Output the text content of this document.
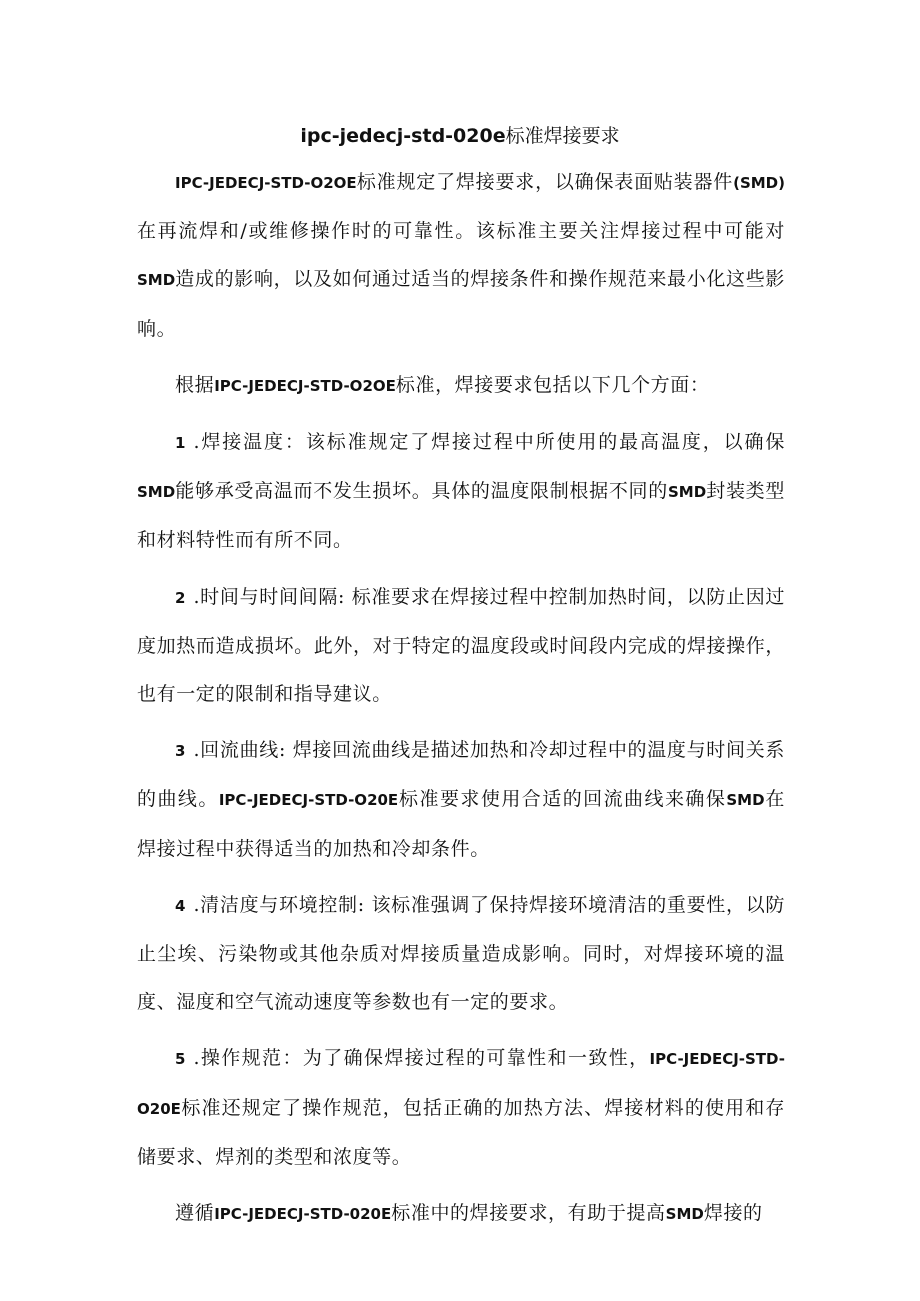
ipc-jedecj-std-020e标准焊接要求

IPC-JEDECJ-STD-O2OE标准规定了焊接要求，以确保表面贴装器件(SMD)在再流焊和/或维修操作时的可靠性。该标准主要关注焊接过程中可能对SMD造成的影响，以及如何通过适当的焊接条件和操作规范来最小化这些影响。

根据IPC-JEDECJ-STD-O2OE标准，焊接要求包括以下几个方面：

1 .焊接温度：该标准规定了焊接过程中所使用的最高温度，以确保SMD能够承受高温而不发生损坏。具体的温度限制根据不同的SMD封装类型和材料特性而有所不同。

2 .时间与时间间隔: 标准要求在焊接过程中控制加热时间，以防止因过度加热而造成损坏。此外，对于特定的温度段或时间段内完成的焊接操作，也有一定的限制和指导建议。

3 .回流曲线: 焊接回流曲线是描述加热和冷却过程中的温度与时间关系的曲线。IPC-JEDECJ-STD-O20E标准要求使用合适的回流曲线来确保SMD在焊接过程中获得适当的加热和冷却条件。

4 .清洁度与环境控制: 该标准强调了保持焊接环境清洁的重要性，以防止尘埃、污染物或其他杂质对焊接质量造成影响。同时，对焊接环境的温度、湿度和空气流动速度等参数也有一定的要求。

5 .操作规范：为了确保焊接过程的可靠性和一致性，IPC-JEDECJ-STD-O20E标准还规定了操作规范，包括正确的加热方法、焊接材料的使用和存储要求、焊剂的类型和浓度等。

遵循IPC-JEDECJ-STD-020E标准中的焊接要求，有助于提高SMD焊接的
